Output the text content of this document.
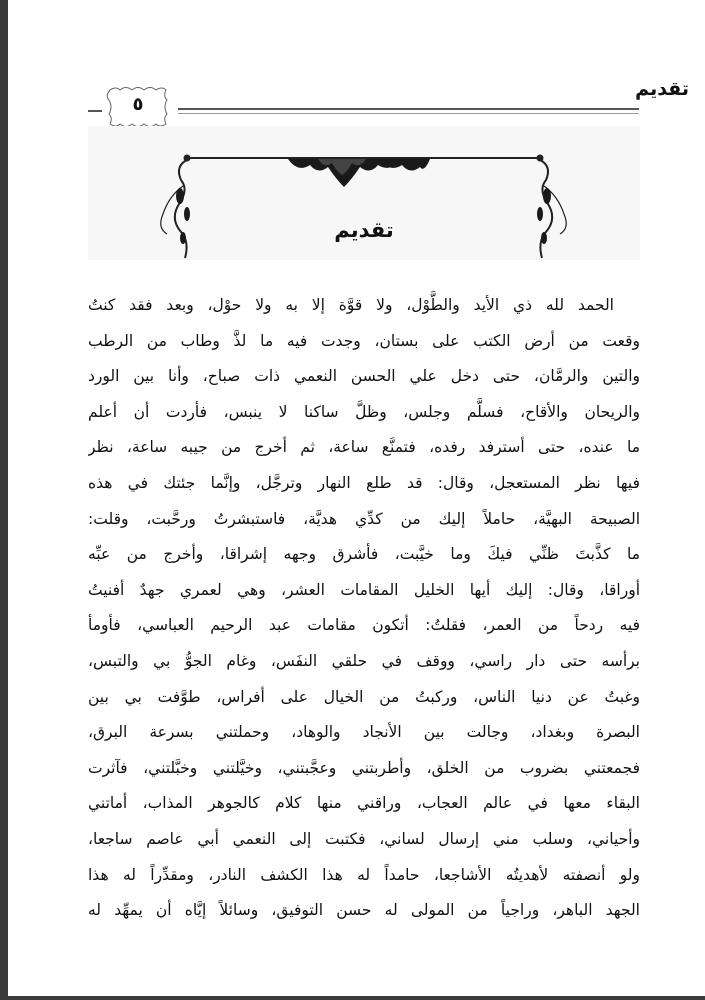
تقديم
٥
تقديم
الحمد لله ذي الأيد والطَّوْل، ولا قوَّة إلا به ولا حوْل، وبعد فقد كنتُ
وقعت من أرض الكتب على بستان، وجدت فيه ما لذَّ وطاب من الرطب
والتين والرمَّان، حتى دخل علي الحسن النعمي ذات صباح، وأنا بين الورد
والريحان والأقاح، فسلَّم وجلس، وظلَّ ساكنا لا ينبس، فأردت أن أعلم
ما عنده، حتى أسترفد رفده، فتمنَّع ساعة، ثم أخرج من جيبه ساعة، نظر
فيها نظر المستعجل، وقال: قد طلع النهار وترجَّل، وإنَّما جئتك في هذه
الصبيحة البهيَّة، حاملاً إليك من كدِّي هديَّة، فاستبشرتُ ورحَّبت، وقلت:
ما كذَّبتَ ظنِّي فيكَ وما خيَّبت، فأشرق وجهه إشراقا، وأخرج من عبِّه
أوراقا، وقال: إليك أيها الخليل المقامات العشر، وهي لعمري جهدٌ أفنيتُ
فيه ردحاً من العمر، فقلتُ: أتكون مقامات عبد الرحيم العباسي، فأومأ
برأسه حتى دار راسي، ووقف في حلقي النفَس، وغام الجوُّ بي والتبس،
وغبتُ عن دنيا الناس، وركبتُ من الخيال على أفراس، طوَّفت بي بين
البصرة وبغداد، وجالت بين الأنجاد والوهاد، وحملتني بسرعة البرق،
فجمعتني بضروب من الخلق، وأطربتني وعجَّبتني، وخيَّلتني وخبَّلتني، فآثرت
البقاء معها في عالم العجاب، وراقني منها كلام كالجوهر المذاب، أماتني
وأحياني، وسلب مني إرسال لساني، فكتبت إلى النعمي أبي عاصم ساجعا،
ولو أنصفته لأهديتُه الأشاجعا، حامداً له هذا الكشف النادر، ومقدِّراً له هذا
الجهد الباهر، وراجياً من المولى له حسن التوفيق، وسائلاً إيَّاه أن يمهِّد له
